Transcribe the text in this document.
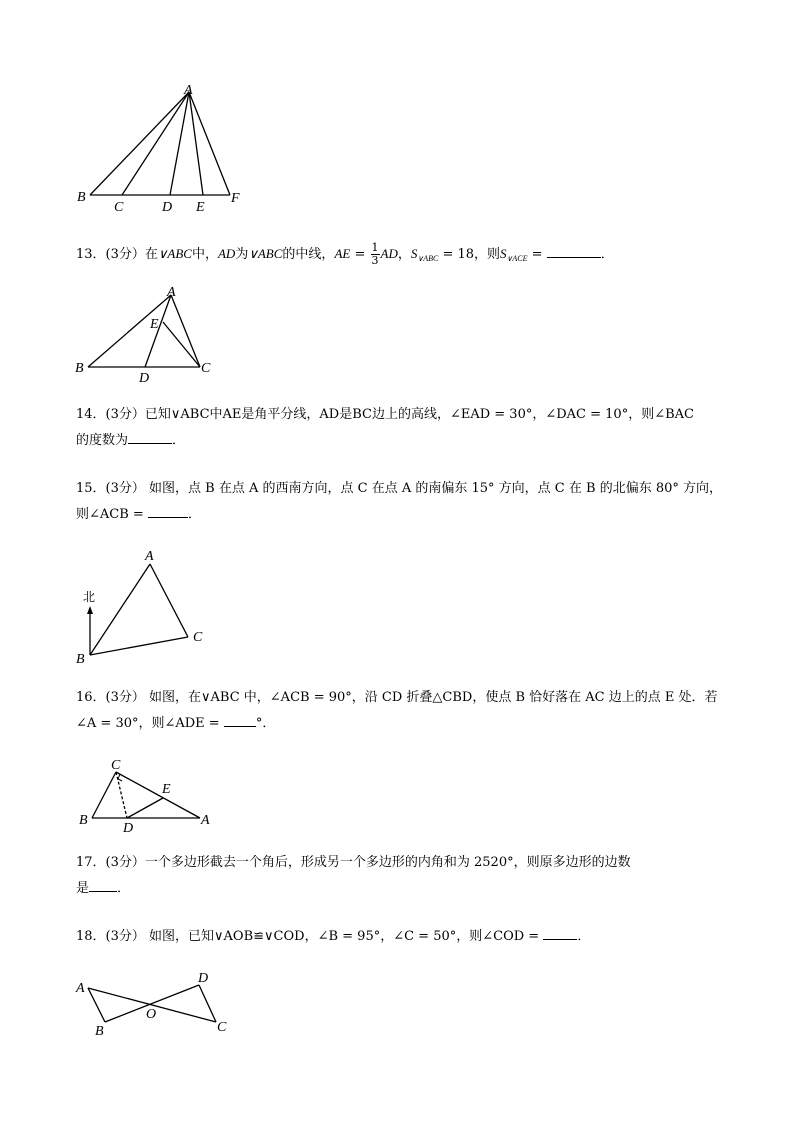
A
B
C	D E
F
13．(3分）在∨ABC中，AD为∨ABC的中线，AE = $\frac{1}{3}$ AD，$S_{\vee ABC} = 18$，则$S_{\vee ACE}$ =	．
A
E
B
D
C
14．(3分）已知∨ABC中AE是角平分线，AD是BC边上的高线，∠EAD = 30°，∠DAC = 10°，则∠BAC
的度数为	．
15．(3分） 如图，点 B 在点 A 的西南方向，点 C 在点 A 的南偏东 15° 方向，点 C 在 B 的北偏东 80° 方向，
则∠ACB =	．
A
北
C
B
16．(3分） 如图，在∨ABC 中，∠ACB = 90°，沿 CD 折叠△CBD，使点 B 恰好落在 AC 边上的点 E 处．若
∠A = 30°，则∠ADE = °．
C
E
B
D
A
17．(3分）一个多边形截去一个角后，形成另一个多边形的内角和为 2520°，则原多边形的边数
是 ．
18．(3分） 如图，已知∨AOB≌∨COD，∠B = 95°，∠C = 50°，则∠COD =	．
A
D
O
B	C
